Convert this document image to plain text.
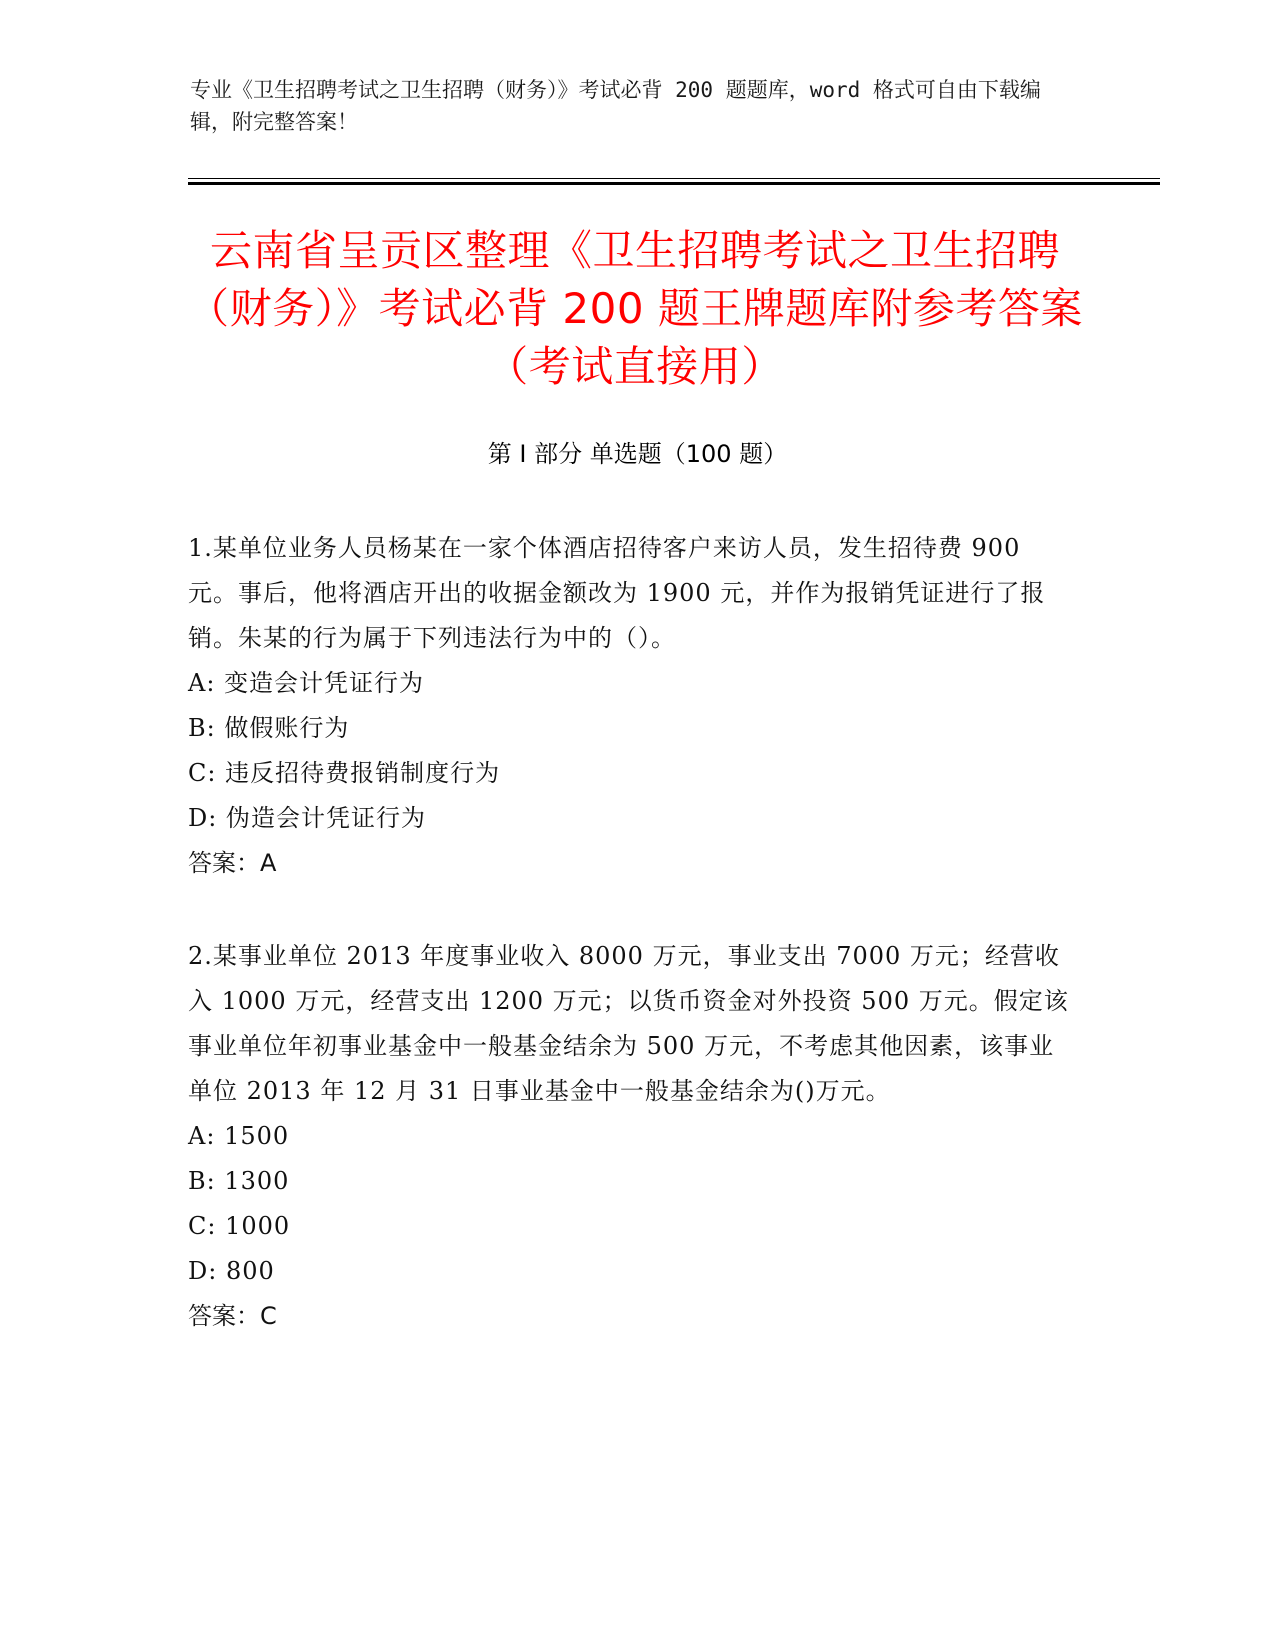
专业《卫生招聘考试之卫生招聘（财务）》考试必背 200 题题库，word 格式可自由下载编辑，附完整答案！
云南省呈贡区整理《卫生招聘考试之卫生招聘（财务）》考试必背 200 题王牌题库附参考答案（考试直接用）
第 I 部分 单选题（100 题）
1.某单位业务人员杨某在一家个体酒店招待客户来访人员，发生招待费 900 元。事后，他将酒店开出的收据金额改为 1900 元，并作为报销凭证进行了报销。朱某的行为属于下列违法行为中的（）。
A: 变造会计凭证行为
B: 做假账行为
C: 违反招待费报销制度行为
D: 伪造会计凭证行为
答案：A
2.某事业单位 2013 年度事业收入 8000 万元，事业支出 7000 万元；经营收入 1000 万元，经营支出 1200 万元；以货币资金对外投资 500 万元。假定该事业单位年初事业基金中一般基金结余为 500 万元，不考虑其他因素，该事业单位 2013 年 12 月 31 日事业基金中一般基金结余为()万元。
A: 1500
B: 1300
C: 1000
D: 800
答案：C
